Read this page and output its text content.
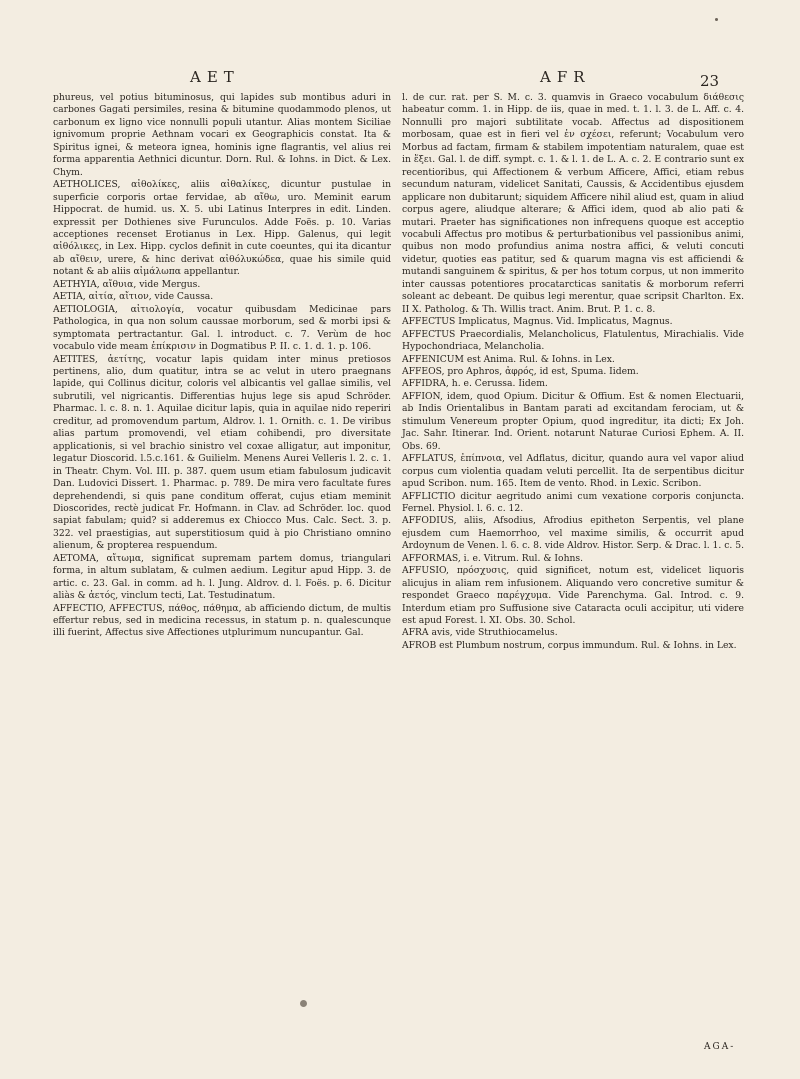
AET	AFR	23

phureus, vel potius bituminosus, qui lapides sub montibus aduri in carbones Gagati persimiles, resina & bitumine quodammodo plenos, ut carbonum ex ligno vice nonnulli populi utantur. Alias montem Siciliae ignivomum proprie Aethnam vocari ex Geographicis constat. Ita & Spiritus ignei, & meteora ignea, hominis igne flagrantis, vel alius rei forma apparentia Aethnici dicuntur. Dorn. Rul. & Iohns. in Dict. & Lex. Chym.

AETHOLICES, αἰθολίκες, aliis αἰθαλίκες, dicuntur pustulae in superficie corporis ortae fervidae, ab αἴθω, uro. Meminit earum Hippocrat. de humid. us. X. 5. ubi Latinus Interpres in edit. Linden. expressit per Dothienes sive Furunculos. Adde Foës. p. 10. Varias acceptiones recenset Erotianus in Lex. Hipp. Galenus, qui legit αἰθόλικες, in Lex. Hipp. cyclos definit in cute coeuntes, qui ita dicantur ab αἴθειν, urere, & hinc derivat αἰθόλυκώδεα, quae his simile quid notant & ab aliis αἰμάλωπα appellantur.

AETHYIA, αἴθυια, vide Mergus.

AETIA, αἰτία, αἴτιον, vide Caussa.

AETIOLOGIA, αἰτιολογία, vocatur quibusdam Medicinae pars Pathologica, in qua non solum caussae morborum, sed & morbi ipsi & symptomata pertractantur. Gal. l. introduct. c. 7. Verùm de hoc vocabulo vide meam ἐπίκρισιν in Dogmatibus P. II. c. 1. d. 1. p. 106.

AETITES, ἀετίτης, vocatur lapis quidam inter minus pretiosos pertinens, alio, dum quatitur, intra se ac velut in utero praegnans lapide, qui Collinus dicitur, coloris vel albicantis vel gallae similis, vel subrutili, vel nigricantis. Differentias hujus lege sis apud Schröder. Pharmac. l. c. 8. n. 1. Aquilae dicitur lapis, quia in aquilae nido reperiri creditur, ad promovendum partum, Aldrov. l. 1. Ornith. c. 1. De viribus alias partum promovendi, vel etiam cohibendi, pro diversitate applicationis, si vel brachio sinistro vel coxae alligatur, aut imponitur, legatur Dioscorid. l.5.c.161. & Guilielm. Menens Aurei Velleris l. 2. c. 1. in Theatr. Chym. Vol. III. p. 387. quem usum etiam fabulosum judicavit Dan. Ludovici Dissert. 1. Pharmac. p. 789. De mira vero facultate fures deprehendendi, si quis pane conditum offerat, cujus etiam meminit Dioscorides, rectè judicat Fr. Hofmann. in Clav. ad Schröder. loc. quod sapiat fabulam; quid? si adderemus ex Chiocco Mus. Calc. Sect. 3. p. 322. vel praestigias, aut superstitiosum quid à pio Christiano omnino alienum, & propterea respuendum.

AETOMA, αἴτωμα, significat supremam partem domus, triangulari forma, in altum sublatam, & culmen aedium. Legitur apud Hipp. 3. de artic. c. 23. Gal. in comm. ad h. l. Jung. Aldrov. d. l. Foës. p. 6. Dicitur aliàs & ἀετός, vinclum tecti, Lat. Testudinatum.

AFFECTIO, AFFECTUS, πάθος, πάθημα, ab afficiendo dictum, de multis effertur rebus, sed in medicina recessus, in statum p. n. qualescunque illi fuerint, Affectus sive Affectiones utplurimum nuncupantur. Gal.

l. de cur. rat. per S. M. c. 3. quamvis in Graeco vocabulum διάθεσις habeatur comm. 1. in Hipp. de iis, quae in med. t. 1. l. 3. de L. Aff. c. 4. Nonnulli pro majori subtilitate vocab. Affectus ad dispositionem morbosam, quae est in fieri vel ἐν σχέσει, referunt; Vocabulum vero Morbus ad factam, firmam & stabilem impotentiam naturalem, quae est in ἕξει. Gal. l. de diff. sympt. c. 1. & l. 1. de L. A. c. 2. E contrario sunt ex recentioribus, qui Affectionem & verbum Afficere, Affici, etiam rebus secundum naturam, videlicet Sanitati, Caussis, & Accidentibus ejusdem applicare non dubitarunt; siquidem Afficere nihil aliud est, quam in aliud corpus agere, aliudque alterare; & Affici idem, quod ab alio pati & mutari. Praeter has significationes non infrequens quoque est acceptio vocabuli Affectus pro motibus & perturbationibus vel passionibus animi, quibus non modo profundius anima nostra affici, & veluti concuti videtur, quoties eas patitur, sed & quarum magna vis est afficiendi & mutandi sanguinem & spiritus, & per hos totum corpus, ut non immerito inter caussas potentiores procatarcticas sanitatis & morborum referri soleant ac debeant. De quibus legi merentur, quae scripsit Charlton. Ex. II X. Patholog. & Th. Willis tract. Anim. Brut. P. 1. c. 8.

AFFECTUS Implicatus, Magnus. Vid. Implicatus, Magnus.

AFFECTUS Praecordialis, Melancholicus, Flatulentus, Mirachialis. Vide Hypochondriaca, Melancholia.

AFFENICUM est Anima. Rul. & Iohns. in Lex.

AFFEOS, pro Aphros, ἀφρός, id est, Spuma. Iidem.

AFFIDRA, h. e. Cerussa. Iidem.

AFFION, idem, quod Opium. Dicitur & Offium. Est & nomen Electuarii, ab Indis Orientalibus in Bantam parati ad excitandam ferociam, ut & stimulum Venereum propter Opium, quod ingreditur, ita dicti; Ex Joh. Jac. Sahr. Itinerar. Ind. Orient. notarunt Naturae Curiosi Ephem. A. II. Obs. 69.

AFFLATUS, ἐπίπνοια, vel Adflatus, dicitur, quando aura vel vapor aliud corpus cum violentia quadam veluti percellit. Ita de serpentibus dicitur apud Scribon. num. 165. Item de vento. Rhod. in Lexic. Scribon.

AFFLICTIO dicitur aegritudo animi cum vexatione corporis conjuncta. Fernel. Physiol. l. 6. c. 12.

AFFODIUS, aliis, Afsodius, Afrodius epitheton Serpentis, vel plane ejusdem cum Haemorrhoo, vel maxime similis, & occurrit apud Ardoynum de Venen. l. 6. c. 8. vide Aldrov. Histor. Serp. & Drac. l. 1. c. 5.

AFFORMAS, i. e. Vitrum. Rul. & Iohns.

AFFUSIO, πρόσχυσις, quid significet, notum est, videlicet liquoris alicujus in aliam rem infusionem. Aliquando vero concretive sumitur & respondet Graeco παρέγχυμα. Vide Parenchyma. Gal. Introd. c. 9. Interdum etiam pro Suffusione sive Cataracta oculi accipitur, uti videre est apud Forest. l. XI. Obs. 30. Schol.

AFRA avis, vide Struthiocamelus.

AFROB est Plumbum nostrum, corpus immundum. Rul. & Iohns. in Lex.

AGA-
